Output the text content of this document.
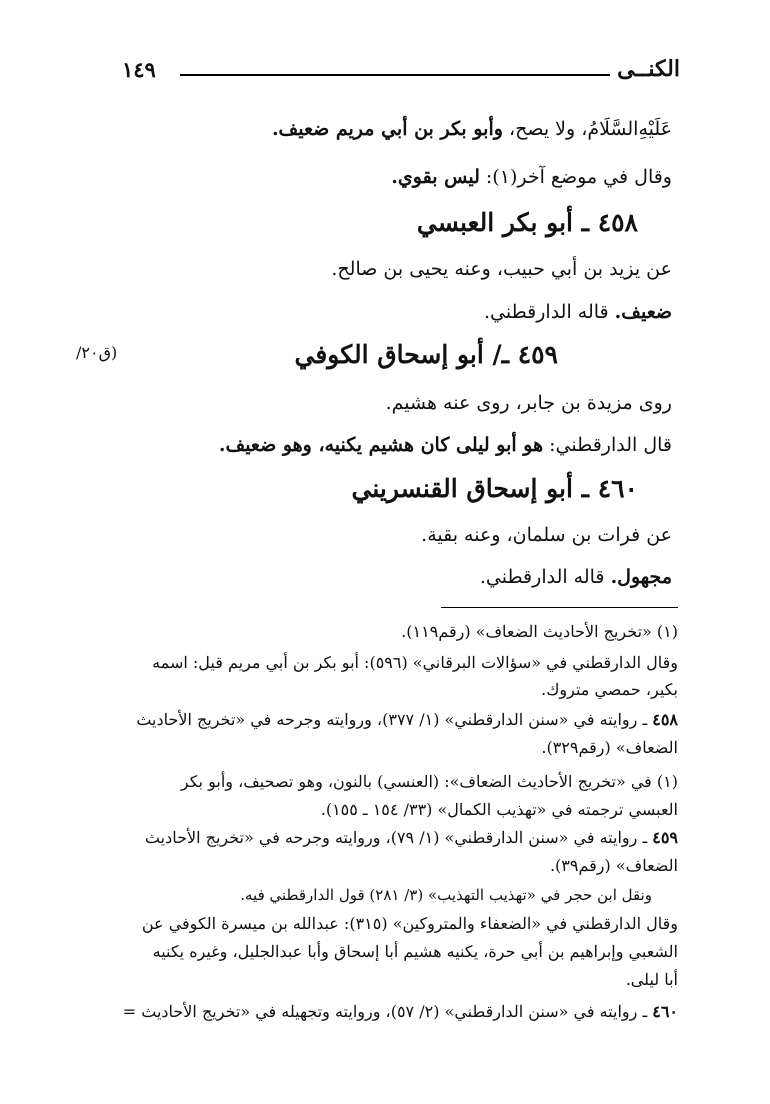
١٤٩	الكنــى
عَلَيْهِ‌السَّلَامُ، ولا يصح، وأبو بكر بن أبي مريم ضعيف.
وقال في موضع آخر(١): ليس بقوي.
٤٥٨ ـ أبو بكر العبسي
عن يزيد بن أبي حبيب، وعنه يحيى بن صالح.
ضعيف. قاله الدارقطني.
٤٥٩ ـ/ أبو إسحاق الكوفي
(ق٢٠/
روى مزيدة بن جابر، روى عنه هشيم.
قال الدارقطني: هو أبو ليلى كان هشيم يكنيه، وهو ضعيف.
٤٦٠ ـ أبو إسحاق القنسريني
عن فرات بن سلمان، وعنه بقية.
مجهول. قاله الدارقطني.
(١) «تخريج الأحاديث الضعاف» (رقم١١٩).
وقال الدارقطني في «سؤالات البرقاني» (٥٩٦): أبو بكر بن أبي مريم قيل: اسمه
بكير، حمصي متروك.
٤٥٨ ـ روايته في «سنن الدارقطني» (١/ ٣٧٧)، وروايته وجرحه في «تخريج الأحاديث
الضعاف» (رقم٣٢٩).
(١) في «تخريج الأحاديث الضعاف»: (العنسي) بالنون، وهو تصحيف، وأبو بكر
العبسي ترجمته في «تهذيب الكمال» (٣٣/ ١٥٤ ـ ١٥٥).
٤٥٩ ـ روايته في «سنن الدارقطني» (١/ ٧٩)، وروايته وجرحه في «تخريج الأحاديث
الضعاف» (رقم٣٩).
ونقل ابن حجر في «تهذيب التهذيب» (٣/ ٢٨١) قول الدارقطني فيه.
وقال الدارقطني في «الضعفاء والمتروكين» (٣١٥): عبدالله بن ميسرة الكوفي عن
الشعبي وإبراهيم بن أبي حرة، يكنيه هشيم أبا إسحاق وأبا عبدالجليل، وغيره يكنيه
أبا ليلى.
٤٦٠ ـ روايته في «سنن الدارقطني» (٢/ ٥٧)، وروايته وتجهيله في «تخريج الأحاديث =
